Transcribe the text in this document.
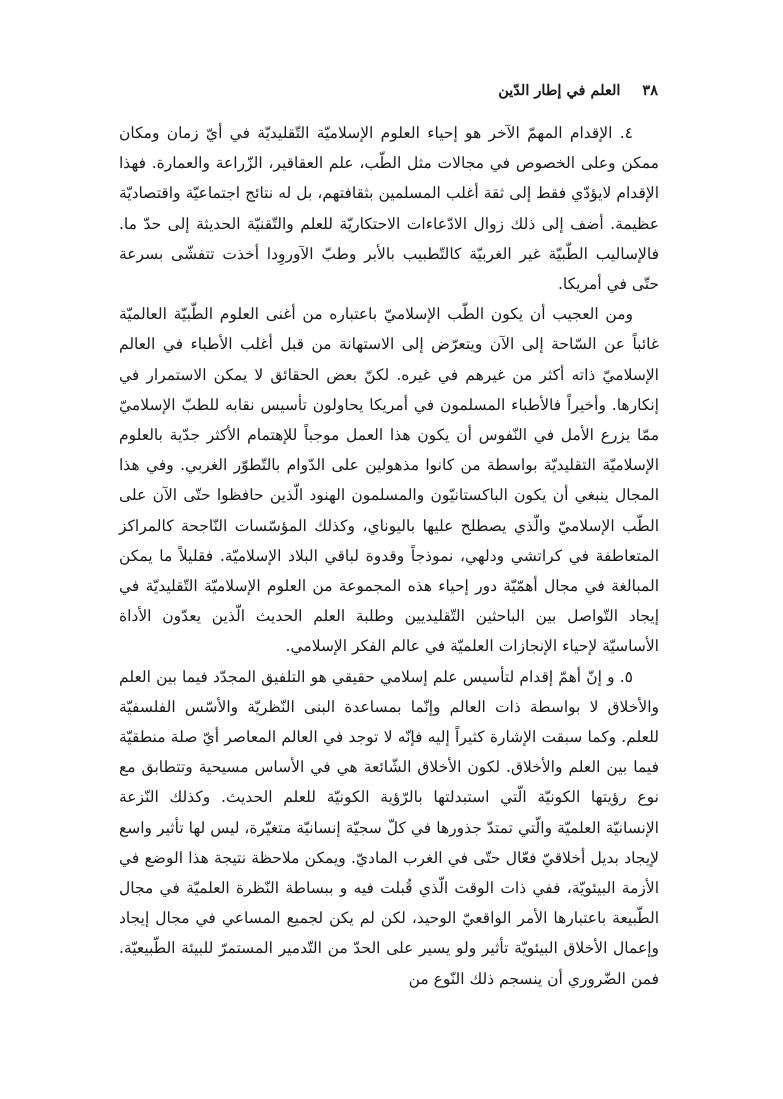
٣٨
العلم في إطار الدّين

٤. الإقدام المهمّ الآخر هو إحياء العلوم الإسلاميّة التّقليديّة في أيّ زمان ومكان ممكن وعلى الخصوص في مجالات مثل الطّب، علم العقاقير، الزّراعة والعمارة. فهذا الإقدام لايؤدّي فقط إلى ثقة أغلب المسلمين بثقافتهم، بل له نتائج اجتماعيّة واقتصاديّة عظيمة. أضف إلى ذلك زوال الادّعاءات الاحتكاريّة للعلم والتّقنيّة الحديثة إلى حدّ ما. فالإساليب الطّبيّة غير الغربيّة كالتّطبيب بالأبر وطبّ الآوروِدا أخذت تتفشّى بسرعة حتّى في أمريكا.

ومن العجيب أن يكون الطّب الإسلاميّ باعتباره من أغنى العلوم الطّبيّة العالميّة غائباً عن السّاحة إلى الآن ويتعرّض إلى الاستهانة من قبل أغلب الأطباء في العالم الإسلاميّ ذاته أكثر من غيرهم في غيره. لكنّ بعض الحقائق لا يمكن الاستمرار في إنكارها. وأخيراً فالأطباء المسلمون في أمريكا يحاولون تأسيس نقابه للطبّ الإسلاميّ ممّا يزرع الأمل في النّفوس أن يكون هذا العمل موجباً للإهتمام الأكثر جدّية بالعلوم الإسلاميّة التقليديّة بواسطة من كانوا مذهولين على الدّوام بالتّطوّر الغربي. وفي هذا المجال ينبغي أن يكون الباكستانيّون والمسلمون الهنود الّذين حافظوا حتّى الآن على الطّب الإسلاميّ والّذي يصطلح عليها باليوناي، وكذلك المؤسّسات النّاجحة كالمراكز المتعاطفة في كراتشي ودلهي، نموذجاً وقدوة لباقي البلاد الإسلاميّة. فقليلاً ما يمكن المبالغة في مجال أهمّيّة دور إحياء هذه المجموعة من العلوم الإسلاميّة التّقليديّة في إيجاد التّواصل بين الباحثين التّقليديين وطلبة العلم الحديث الّذين يعدّون الأداة الأساسيّة لإحياء الإنجازات العلميّة في عالم الفكر الإسلامي.

٥. و إنّ أهمّ إقدام لتأسيس علم إسلامي حقيقي هو التلفيق المجدّد فيما بين العلم والأخلاق لا بواسطة ذات العالم وإنّما بمساعدة البنى النّظريّة والأسّس الفلسفيّة للعلم. وكما سبقت الإشارة كثيراً إليه فإنّه لا توجد في العالم المعاصر أيّ صلة منطقيّة فيما بين العلم والأخلاق. لكون الأخلاق الشّائعة هي في الأساس مسيحية وتتطابق مع نوع رؤيتها الكونيّة الّتي استبدلتها بالرّؤية الكونيّة للعلم الحديث. وكذلك النّزعة الإنسانيّة العلميّة والّتي تمتدّ جذورها في كلّ سجيّة إنسانيّة متغيّرة، ليس لها تأثير واسع لإيجاد بديل أخلاقيّ فعّال حتّى في الغرب الماديّ. ويمكن ملاحظة نتيجة هذا الوضع في الأزمة البيئويّة، ففي ذات الوقت الّذي قُبلت فيه و ببساطة النّظرة العلميّة في مجال الطّبيعة باعتبارها الأمر الواقعيّ الوحيد، لكن لم يكن لجميع المساعي في مجال إيجاد وإعمال الأخلاق البيئويّة تأثير ولو يسير على الحدّ من التّدمير المستمرّ للبيئة الطّبيعيّة. فمن الضّروري أن ينسجم ذلك النّوع من
